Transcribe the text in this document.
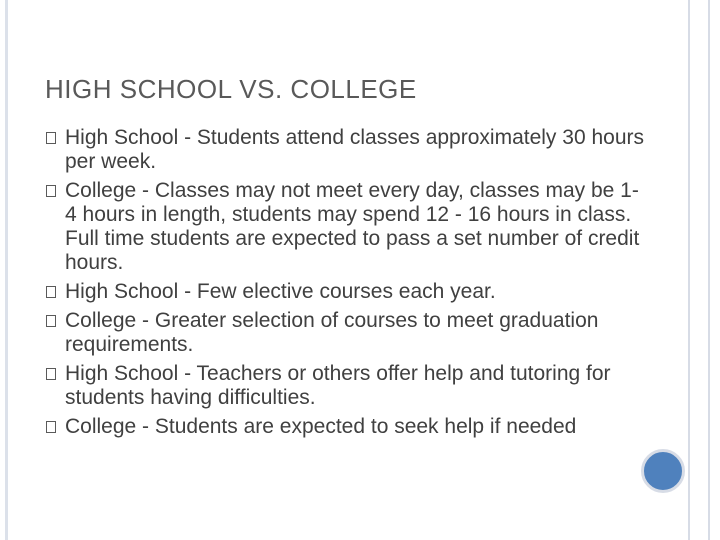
HIGH SCHOOL VS. COLLEGE
High School - Students attend classes approximately 30 hours per week.
College - Classes may not meet every day, classes may be 1-4 hours in length, students may spend 12 - 16 hours in class. Full time students are expected to pass a set number of credit hours.
High School - Few elective courses each year.
College - Greater selection of courses to meet graduation requirements.
High School - Teachers or others offer help and tutoring for students having difficulties.
College - Students are expected to seek help if needed
